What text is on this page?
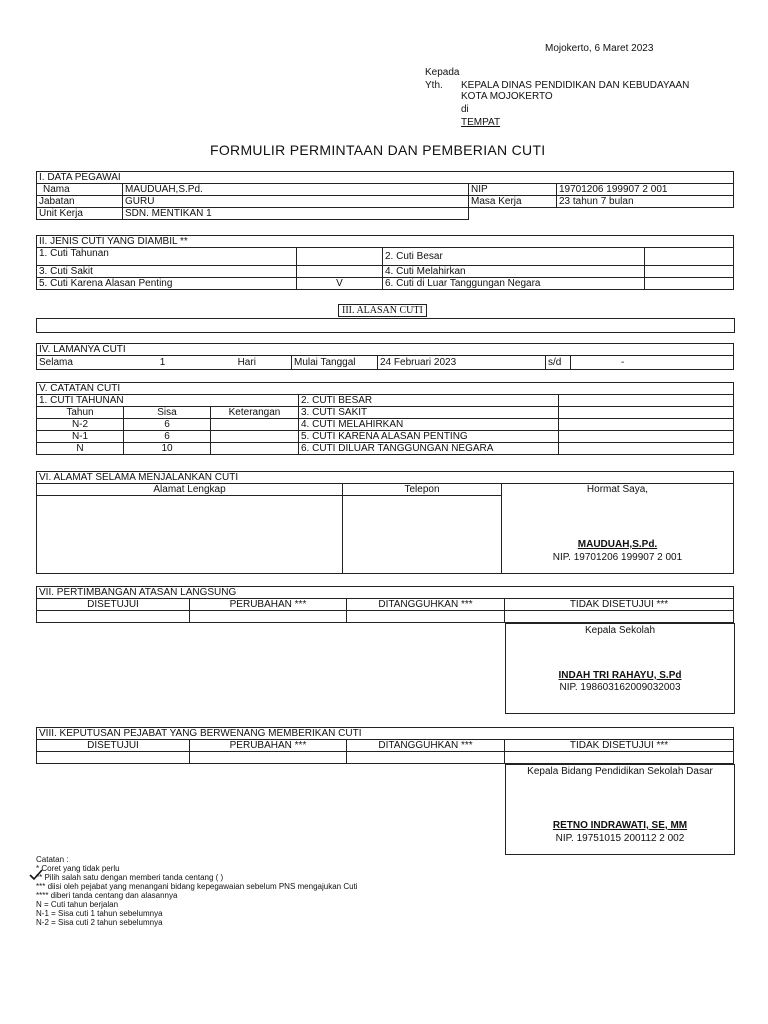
Mojokerto, 6 Maret 2023
Kepada
Yth. KEPALA DINAS PENDIDIKAN DAN KEBUDAYAAN
KOTA MOJOKERTO
di
TEMPAT
FORMULIR PERMINTAAN DAN PEMBERIAN CUTI
I. DATA PEGAWAI			
Nama	MAUDUAH,S.Pd.	NIP	19701206 199907 2 001
Jabatan	GURU	Masa Kerja	23 tahun 7 bulan
Unit Kerja	SDN. MENTIKAN 1		
II. JENIS CUTI YANG DIAMBIL **			
1. Cuti Tahunan		2. Cuti Besar	
3. Cuti Sakit		4. Cuti Melahirkan	
5. Cuti Karena Alasan Penting	V	6. Cuti di Luar Tanggungan Negara	
III. ALASAN CUTI
IV. LAMANYA CUTI
Selama	1	Hari	Mulai Tanggal	24 Februari 2023	s/d	-
V. CATATAN CUTI				
1. CUTI TAHUNAN			2. CUTI BESAR	
Tahun	Sisa	Keterangan	3. CUTI SAKIT	
N-2	6		4. CUTI MELAHIRKAN	
N-1	6		5. CUTI KARENA ALASAN PENTING	
N	10		6. CUTI DILUAR TANGGUNGAN NEGARA	
VI. ALAMAT SELAMA MENJALANKAN CUTI		
Alamat Lengkap	Telepon	Hormat Saya,
MAUDUAH,S.Pd.
NIP. 19701206 199907 2 001

VII. PERTIMBANGAN ATASAN LANGSUNG			
DISETUJUI	PERUBAHAN ***	DITANGGUHKAN ***	TIDAK DISETUJUI ***

Kepala Sekolah
INDAH TRI RAHAYU, S.Pd
NIP. 198603162009032003
VIII. KEPUTUSAN PEJABAT YANG BERWENANG MEMBERIKAN CUTI			
DISETUJUI	PERUBAHAN ***	DITANGGUHKAN ***	TIDAK DISETUJUI ***

Kepala Bidang Pendidikan Sekolah Dasar
RETNO INDRAWATI, SE, MM
NIP. 19751015 200112 2 002
Catatan :
* Coret yang tidak perlu
** Pilih salah satu dengan memberi tanda centang ( )
*** diisi oleh pejabat yang menangani bidang kepegawaian sebelum PNS mengajukan Cuti
**** diberi tanda centang dan alasannya
N = Cuti tahun berjalan
N-1 = Sisa cuti 1 tahun sebelumnya
N-2 = Sisa cuti 2 tahun sebelumnya
